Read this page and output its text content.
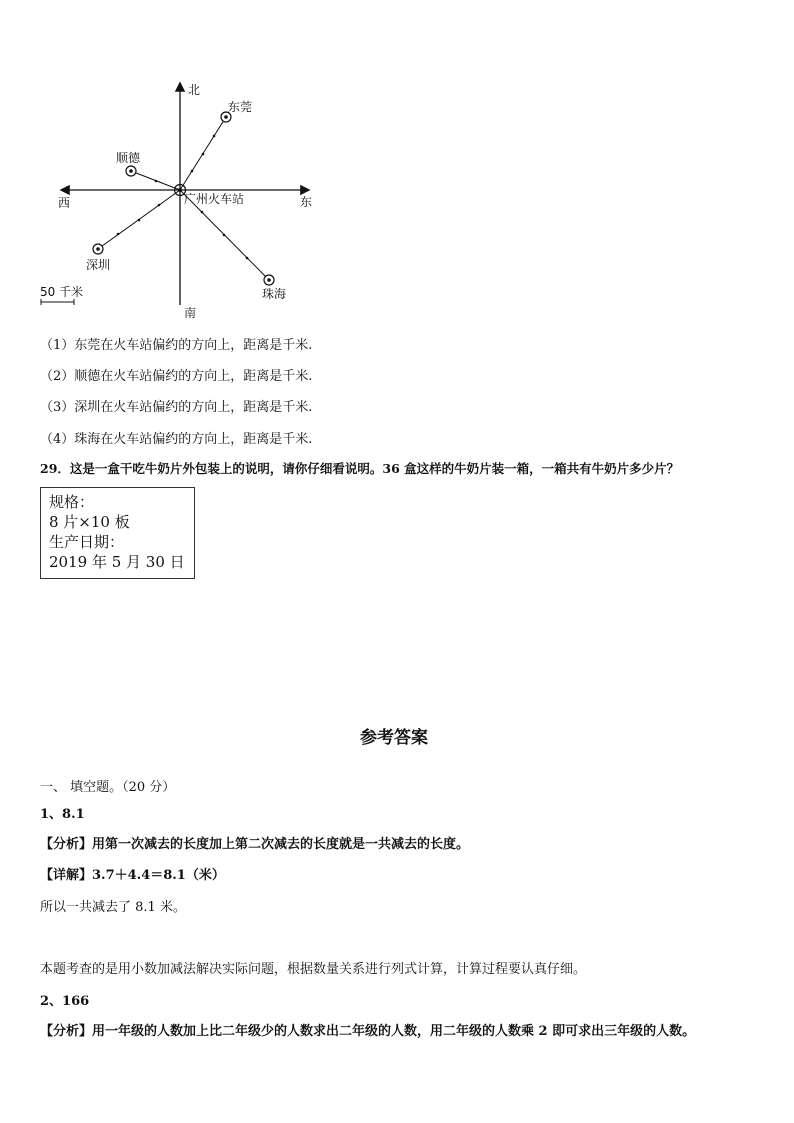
北
南
东
西	广州火车站
东莞
顺德
深圳
珠海
50 千米
（1）东莞在火车站偏约的方向上，距离是千米.
（2）顺德在火车站偏约的方向上，距离是千米.
（3）深圳在火车站偏约的方向上，距离是千米.
（4）珠海在火车站偏约的方向上，距离是千米.
29．这是一盒干吃牛奶片外包装上的说明，请你仔细看说明。36 盒这样的牛奶片装一箱，一箱共有牛奶片多少片？
规格：
8 片×10 板
生产日期：
2019 年 5 月 30 日
参考答案
一、 填空题。（20 分）
1、8.1
【分析】用第一次减去的长度加上第二次减去的长度就是一共减去的长度。
【详解】3.7＋4.4＝8.1（米）
所以一共减去了 8.1 米。
本题考查的是用小数加减法解决实际问题，根据数量关系进行列式计算，计算过程要认真仔细。
2、166
【分析】用一年级的人数加上比二年级少的人数求出二年级的人数，用二年级的人数乘 2 即可求出三年级的人数。
